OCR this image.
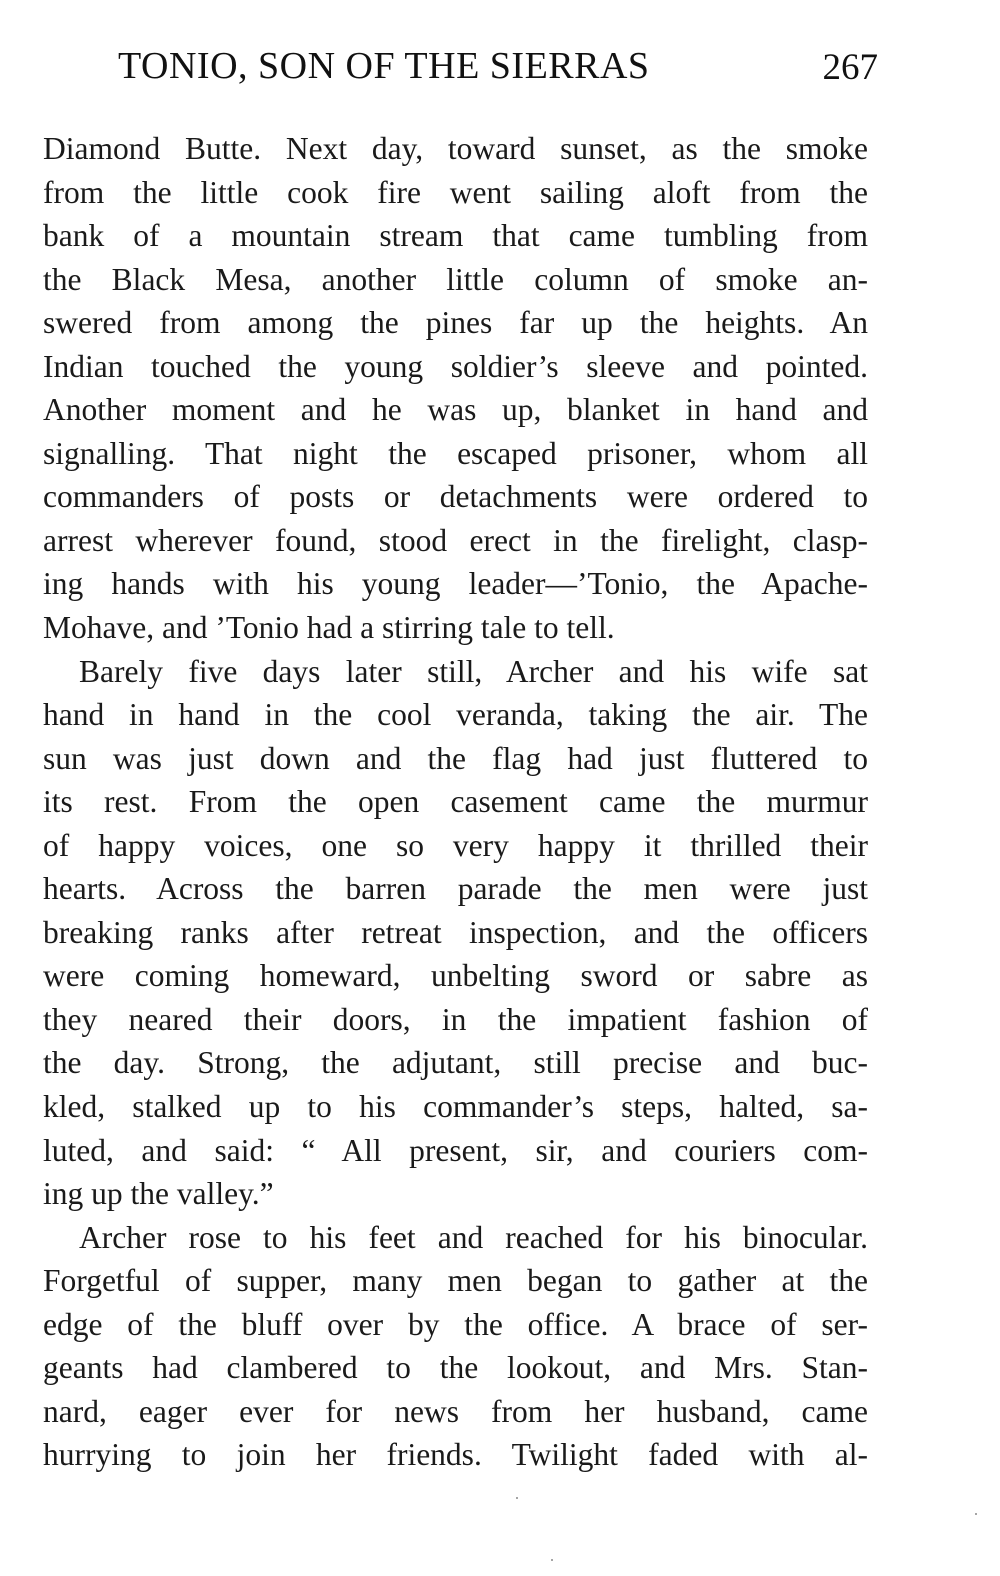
TONIO, SON OF THE SIERRAS	267
Diamond Butte. Next day, toward sunset, as the smoke
from the little cook fire went sailing aloft from the
bank of a mountain stream that came tumbling from
the Black Mesa, another little column of smoke an-
swered from among the pines far up the heights. An
Indian touched the young soldier’s sleeve and pointed.
Another moment and he was up, blanket in hand and
signalling. That night the escaped prisoner, whom all
commanders of posts or detachments were ordered to
arrest wherever found, stood erect in the firelight, clasp-
ing hands with his young leader—’Tonio, the Apache-
Mohave, and ’Tonio had a stirring tale to tell.
Barely five days later still, Archer and his wife sat
hand in hand in the cool veranda, taking the air. The
sun was just down and the flag had just fluttered to
its rest. From the open casement came the murmur
of happy voices, one so very happy it thrilled their
hearts. Across the barren parade the men were just
breaking ranks after retreat inspection, and the officers
were coming homeward, unbelting sword or sabre as
they neared their doors, in the impatient fashion of
the day. Strong, the adjutant, still precise and buc-
kled, stalked up to his commander’s steps, halted, sa-
luted, and said: “ All present, sir, and couriers com-
ing up the valley.”
Archer rose to his feet and reached for his binocular.
Forgetful of supper, many men began to gather at the
edge of the bluff over by the office. A brace of ser-
geants had clambered to the lookout, and Mrs. Stan-
nard, eager ever for news from her husband, came
hurrying to join her friends. Twilight faded with al-
